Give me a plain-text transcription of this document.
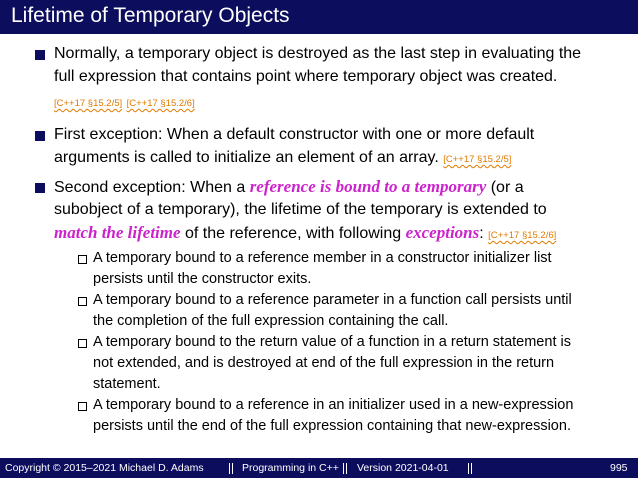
Lifetime of Temporary Objects
Normally, a temporary object is destroyed as the last step in evaluating the
full expression that contains point where temporary object was created.
[C++17 §15.2/5] [C++17 §15.2/6]
First exception: When a default constructor with one or more default
arguments is called to initialize an element of an array. [C++17 §15.2/5]
Second exception: When a reference is bound to a temporary (or a
subobject of a temporary), the lifetime of the temporary is extended to
match the lifetime of the reference, with following exceptions: [C++17 §15.2/6]
A temporary bound to a reference member in a constructor initializer list
persists until the constructor exits.
A temporary bound to a reference parameter in a function call persists until
the completion of the full expression containing the call.
A temporary bound to the return value of a function in a return statement is
not extended, and is destroyed at end of the full expression in the return
statement.
A temporary bound to a reference in an initializer used in a new-expression
persists until the end of the full expression containing that new-expression.
Copyright © 2015–2021 Michael D. Adams	Programming in C++ Version 2021-04-01	995
